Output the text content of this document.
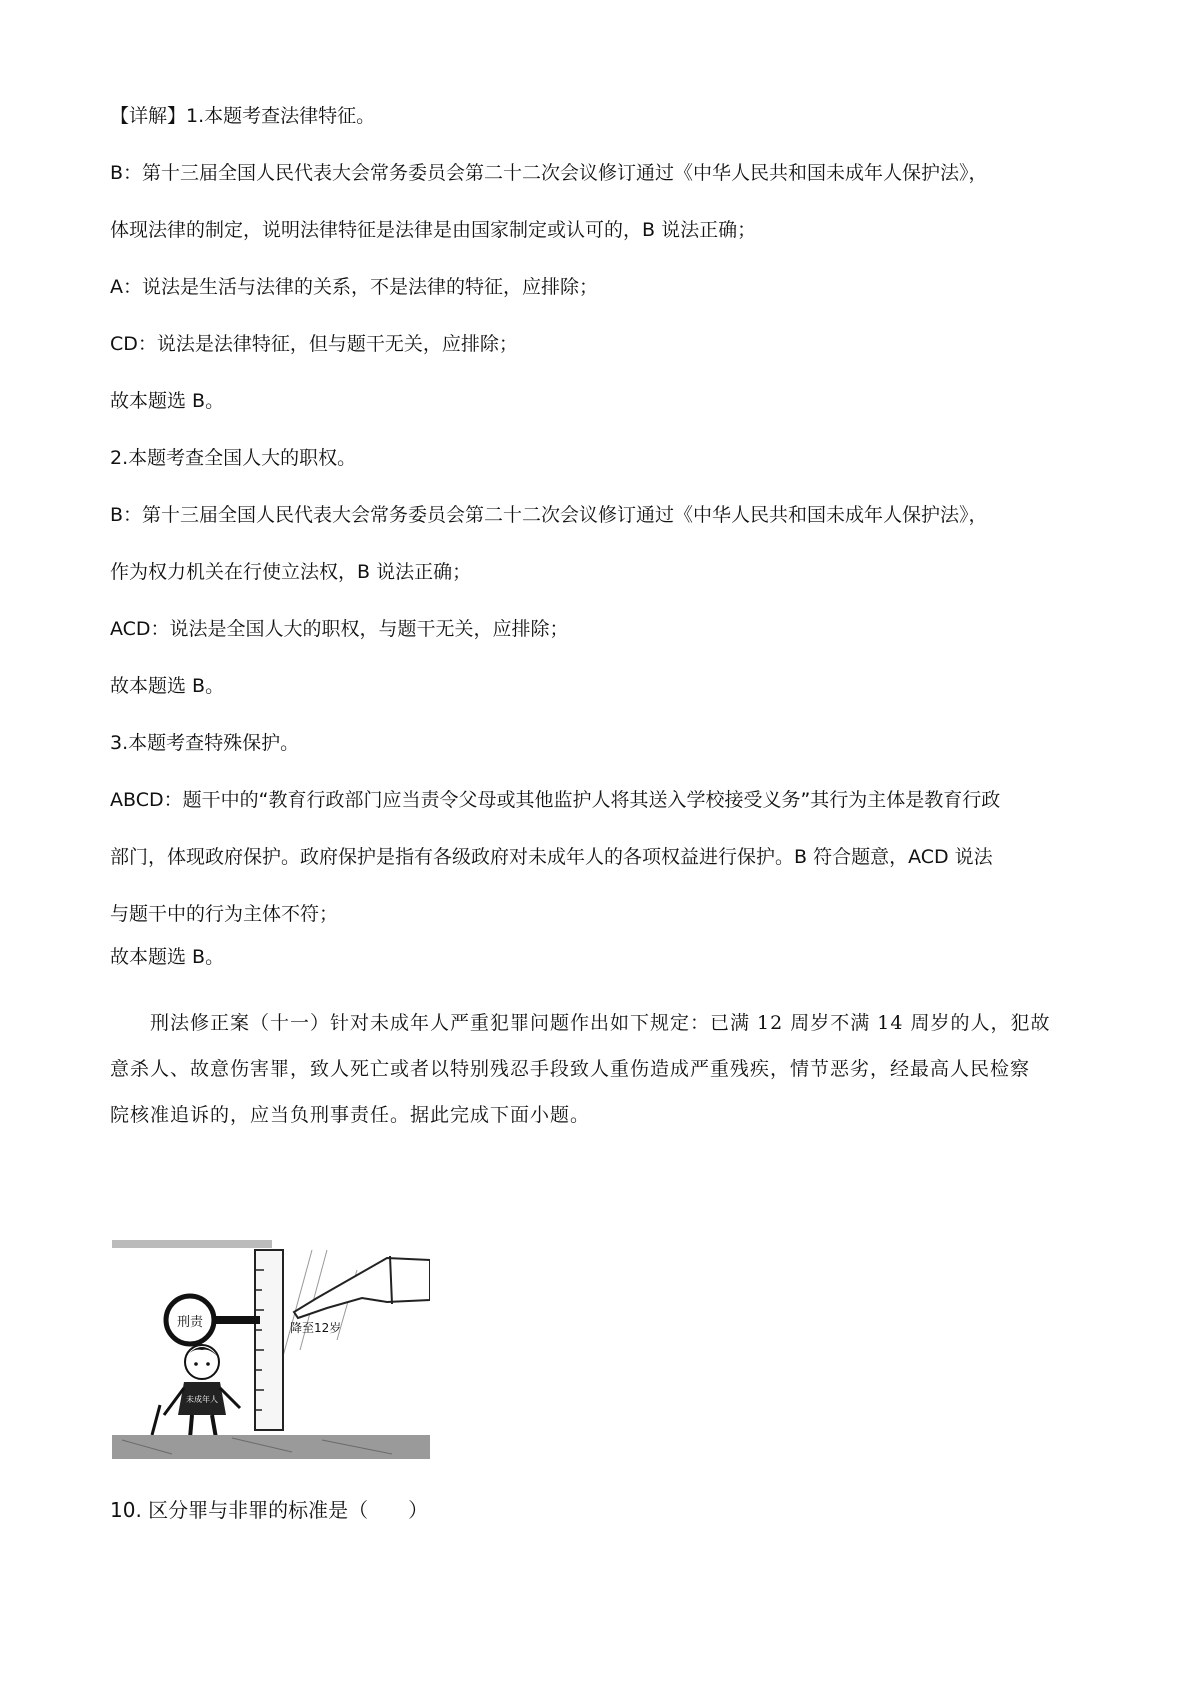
【详解】1.本题考查法律特征。
B：第十三届全国人民代表大会常务委员会第二十二次会议修订通过《中华人民共和国未成年人保护法》，
体现法律的制定，说明法律特征是法律是由国家制定或认可的，B 说法正确；
A：说法是生活与法律的关系，不是法律的特征，应排除；
CD：说法是法律特征，但与题干无关，应排除；
故本题选 B。
2.本题考查全国人大的职权。
B：第十三届全国人民代表大会常务委员会第二十二次会议修订通过《中华人民共和国未成年人保护法》，
作为权力机关在行使立法权，B 说法正确；
ACD：说法是全国人大的职权，与题干无关，应排除；
故本题选 B。
3.本题考查特殊保护。
ABCD：题干中的“教育行政部门应当责令父母或其他监护人将其送入学校接受义务”其行为主体是教育行政
部门，体现政府保护。政府保护是指有各级政府对未成年人的各项权益进行保护。B 符合题意，ACD 说法
与题干中的行为主体不符；
故本题选 B。
刑法修正案（十一）针对未成年人严重犯罪问题作出如下规定：已满 12 周岁不满 14 周岁的人，犯故
意杀人、故意伤害罪，致人死亡或者以特别残忍手段致人重伤造成严重残疾，情节恶劣，经最高人民检察
院核准追诉的，应当负刑事责任。据此完成下面小题。
刑责	降至12岁
未成年人
10. 区分罪与非罪的标准是（　　）
